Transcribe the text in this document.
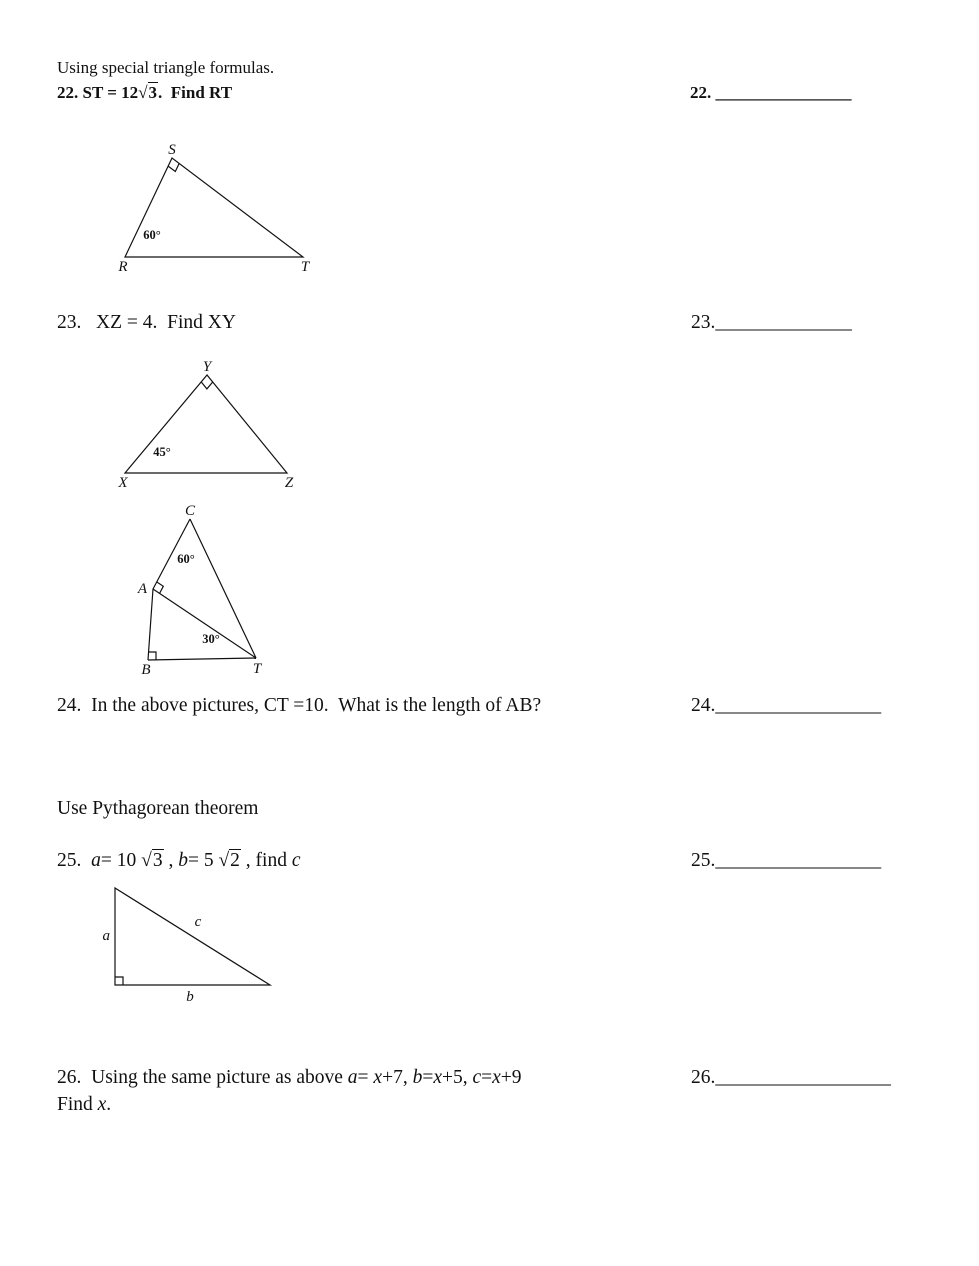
Using special triangle formulas.
22. ST = 12√3.  Find RT	22. ________________
S
R	T
60°
23.   XZ = 4.  Find XY	23.______________
Y
X	Z
45°
C
A
B	T
60°
30°
24.  In the above pictures, CT =10.  What is the length of AB?	24._________________
Use Pythagorean theorem
25.  a= 10 √3 , b= 5 √2 , find c	25._________________
a
c
b
26.  Using the same picture as above a= x+7, b=x+5, c=x+9	26.__________________
Find x.
